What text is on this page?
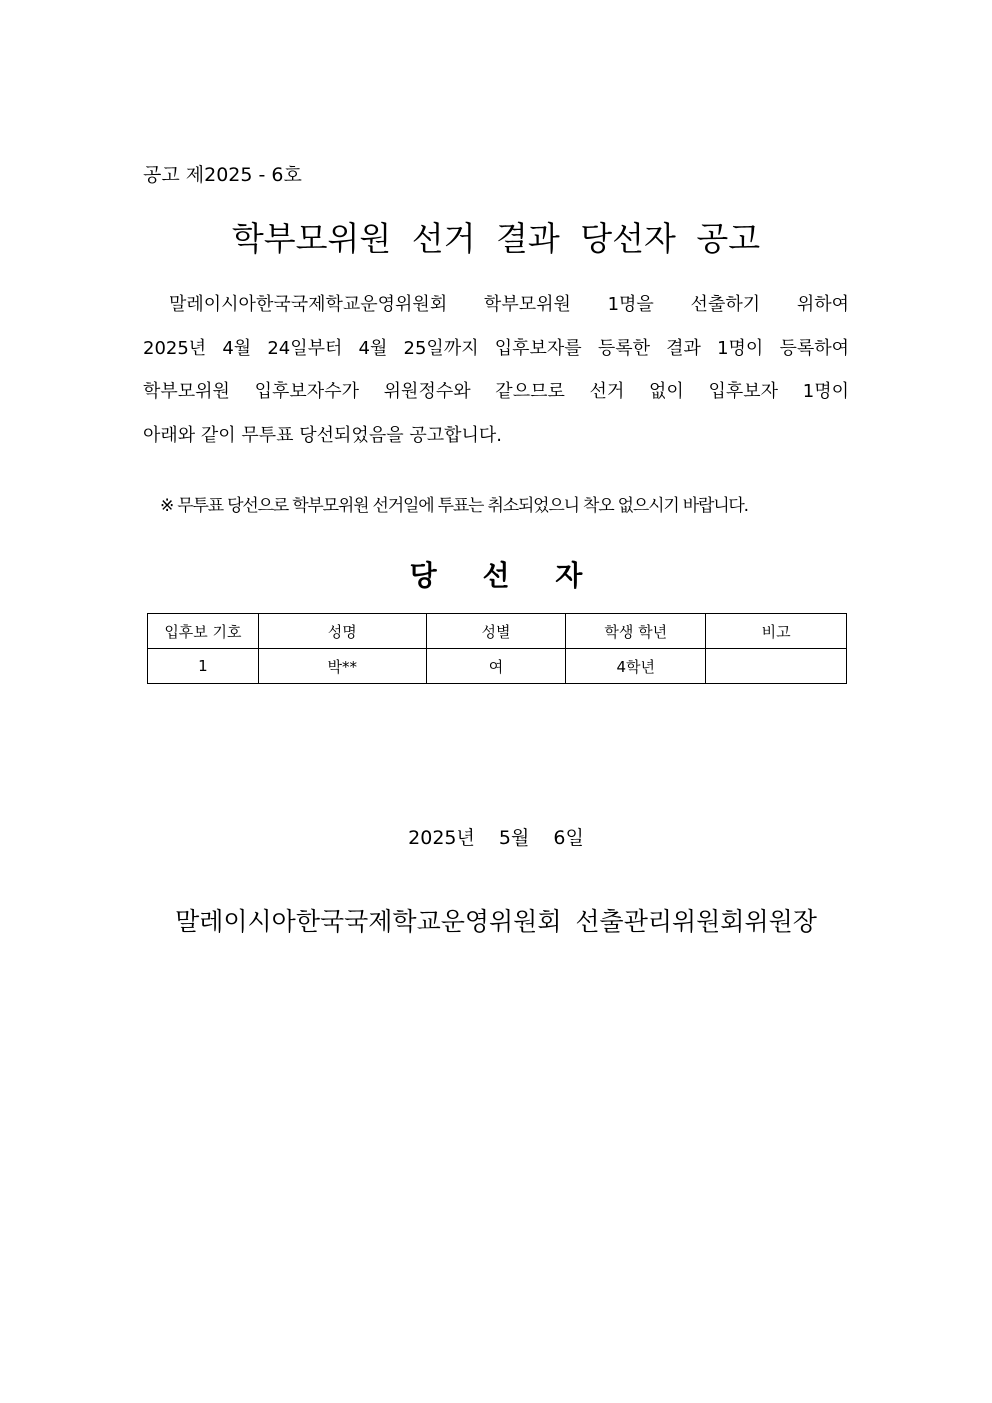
공고 제2025 - 6호
학부모위원 선거 결과 당선자 공고
말레이시아한국국제학교운영위원회 학부모위원 1명을 선출하기 위하여
2025년 4월 24일부터 4월 25일까지 입후보자를 등록한 결과 1명이 등록하여
학부모위원 입후보자수가 위원정수와 같으므로 선거 없이 입후보자 1명이
아래와 같이 무투표 당선되었음을 공고합니다.
※ 무투표 당선으로 학부모위원 선거일에 투표는 취소되었으니 착오 없으시기 바랍니다.
당 선 자
입후보 기호	성명	성별	학생 학년	비고
1	박**	여	4학년	
2025년 5월 6일
말레이시아한국국제학교운영위원회 선출관리위원회위원장
